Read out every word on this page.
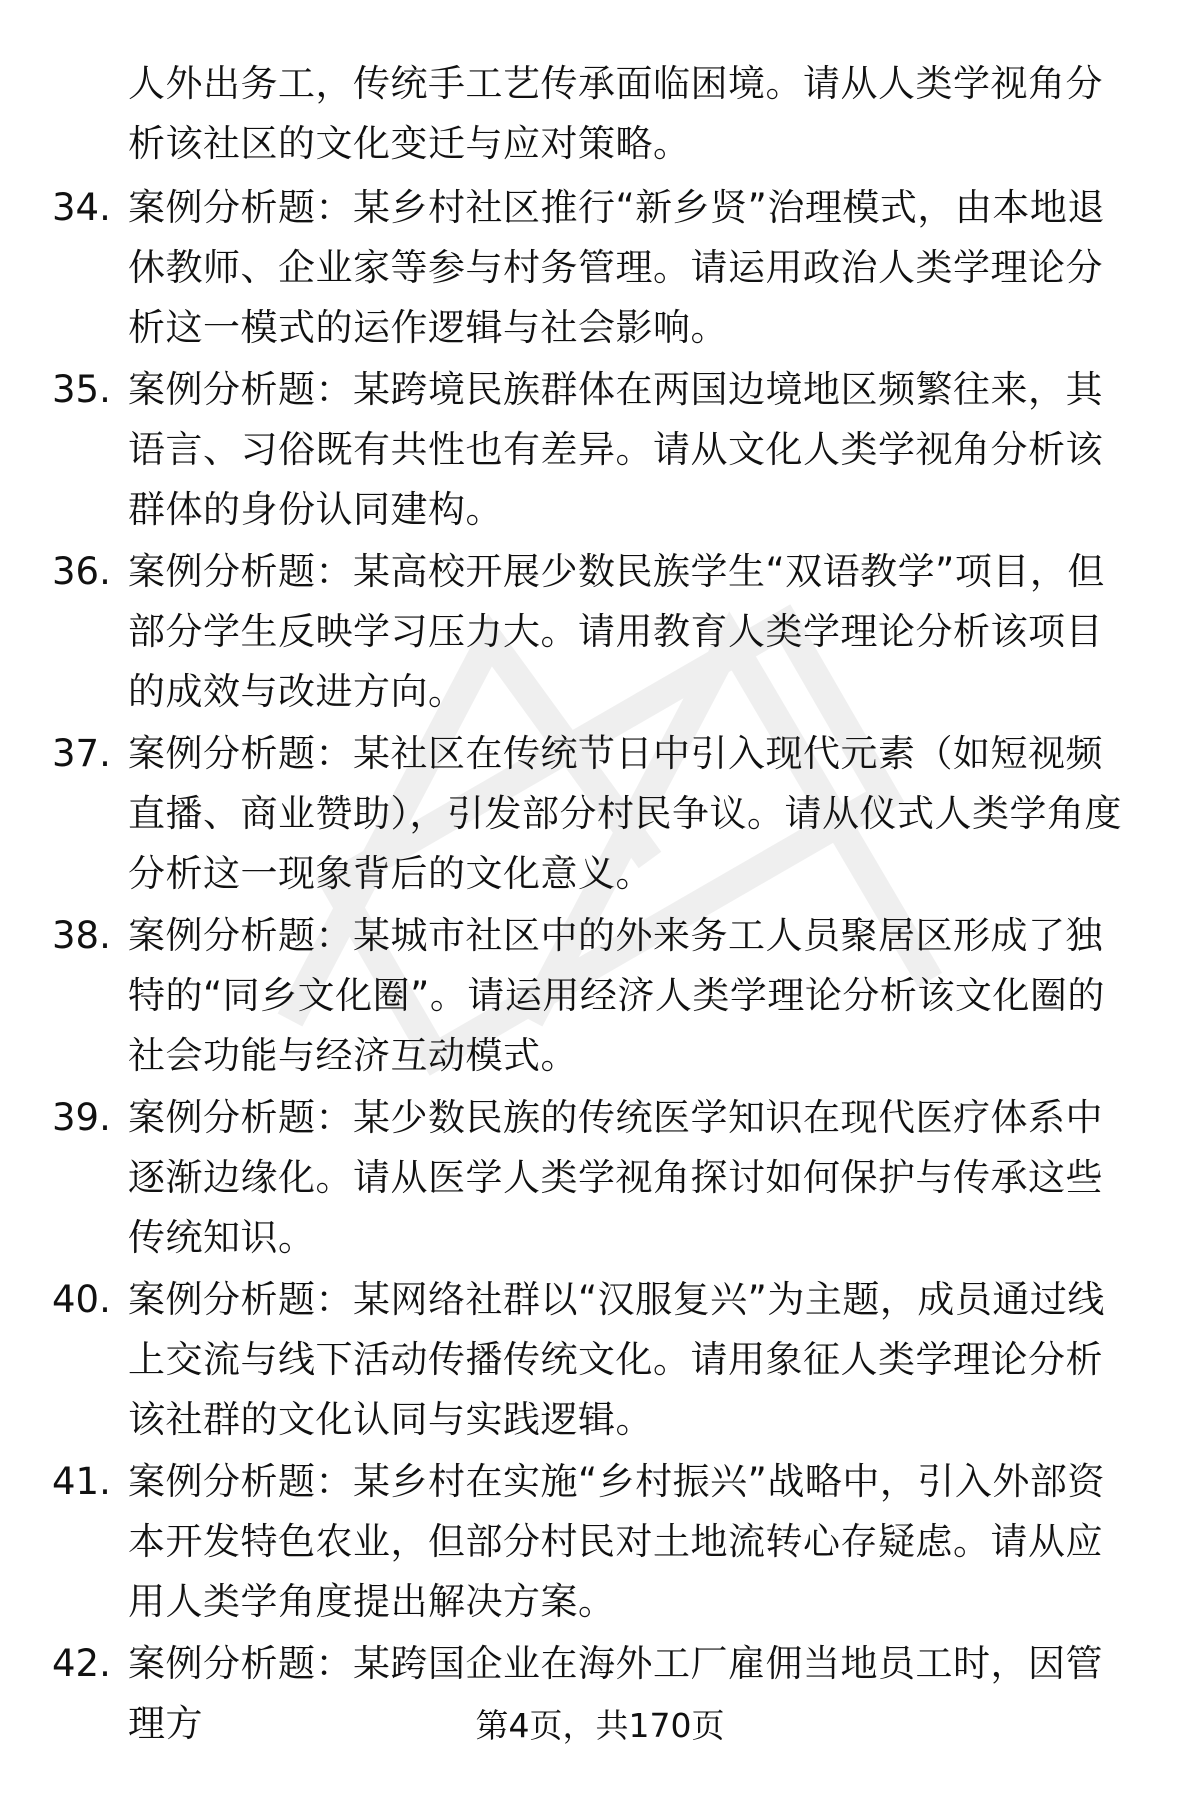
人外出务工，传统手工艺传承面临困境。请从人类学视角分析该社区的文化变迁与应对策略。
34. 案例分析题：某乡村社区推行“新乡贤”治理模式，由本地退休教师、企业家等参与村务管理。请运用政治人类学理论分析这一模式的运作逻辑与社会影响。
35. 案例分析题：某跨境民族群体在两国边境地区频繁往来，其语言、习俗既有共性也有差异。请从文化人类学视角分析该群体的身份认同建构。
36. 案例分析题：某高校开展少数民族学生“双语教学”项目，但部分学生反映学习压力大。请用教育人类学理论分析该项目的成效与改进方向。
37. 案例分析题：某社区在传统节日中引入现代元素（如短视频直播、商业赞助），引发部分村民争议。请从仪式人类学角度分析这一现象背后的文化意义。
38. 案例分析题：某城市社区中的外来务工人员聚居区形成了独特的“同乡文化圈”。请运用经济人类学理论分析该文化圈的社会功能与经济互动模式。
39. 案例分析题：某少数民族的传统医学知识在现代医疗体系中逐渐边缘化。请从医学人类学视角探讨如何保护与传承这些传统知识。
40. 案例分析题：某网络社群以“汉服复兴”为主题，成员通过线上交流与线下活动传播传统文化。请用象征人类学理论分析该社群的文化认同与实践逻辑。
41. 案例分析题：某乡村在实施“乡村振兴”战略中，引入外部资本开发特色农业，但部分村民对土地流转心存疑虑。请从应用人类学角度提出解决方案。
42. 案例分析题：某跨国企业在海外工厂雇佣当地员工时，因管理方	第4页，共170页
